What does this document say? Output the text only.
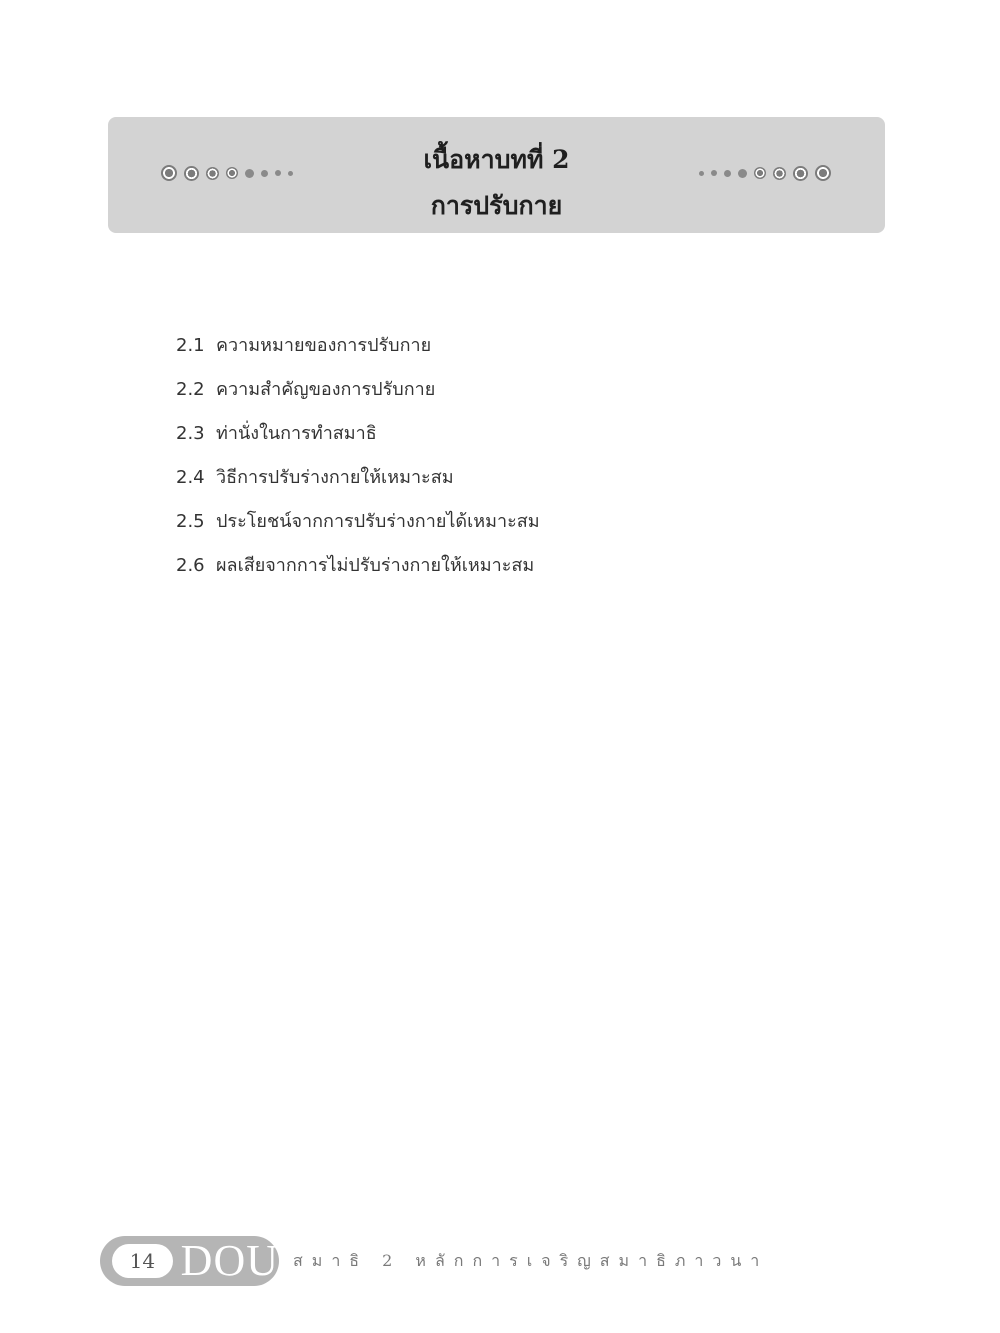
เนื้อหาบทที่ 2
การปรับกาย
2.1 ความหมายของการปรับกาย
2.2 ความสำคัญของการปรับกาย
2.3 ท่านั่งในการทำสมาธิ
2.4 วิธีการปรับร่างกายให้เหมาะสม
2.5 ประโยชน์จากการปรับร่างกายได้เหมาะสม
2.6 ผลเสียจากการไม่ปรับร่างกายให้เหมาะสม
14 DOU สมาธิ 2 หลักการเจริญสมาธิภาวนา
